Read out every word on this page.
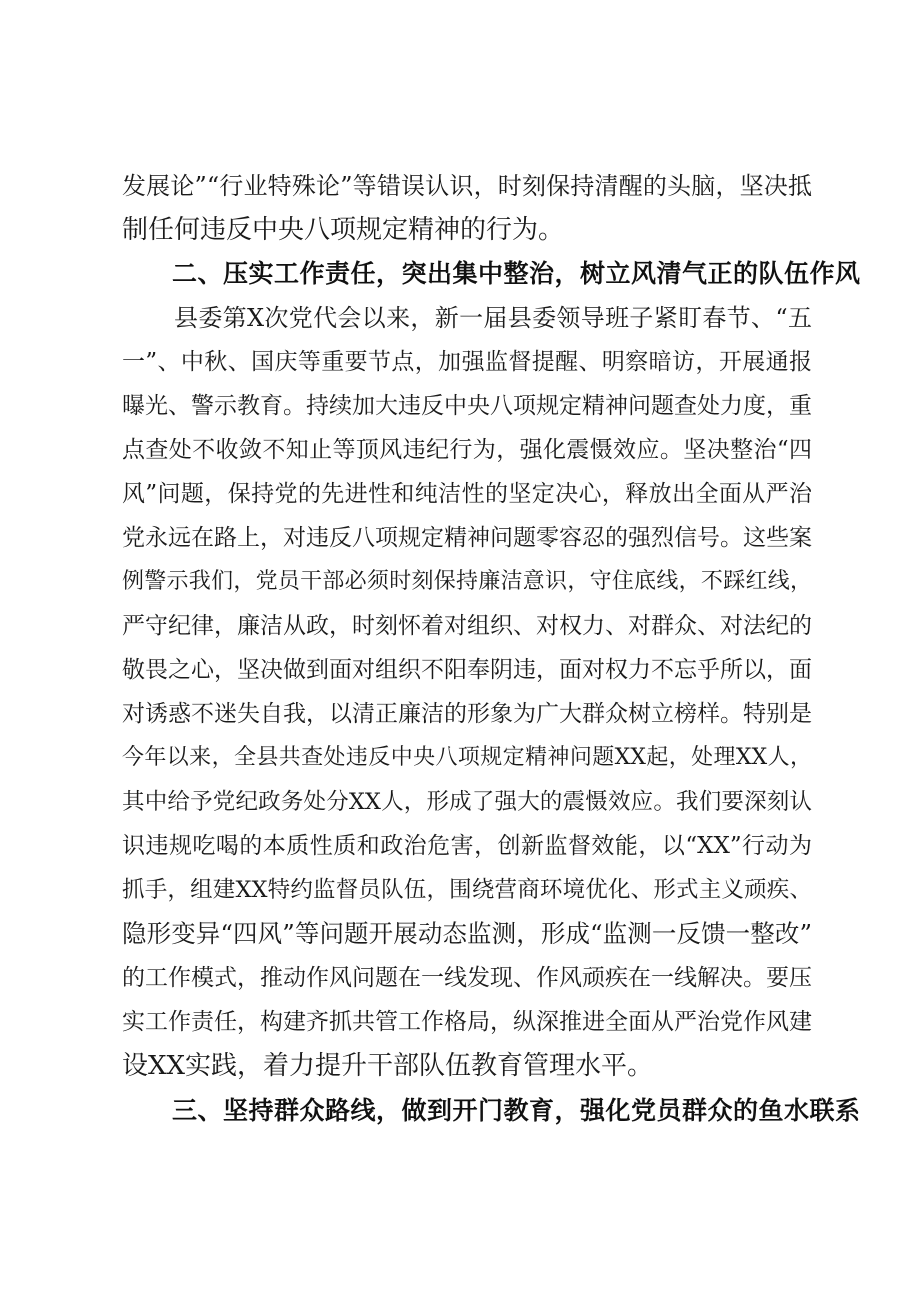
发展论”“行业特殊论”等错误认识，时刻保持清醒的头脑，坚决抵
制任何违反中央八项规定精神的行为。
二、压实工作责任，突出集中整治，树立风清气正的队伍作风
县委第X次党代会以来，新一届县委领导班子紧盯春节、“五
一”、中秋、国庆等重要节点，加强监督提醒、明察暗访，开展通报
曝光、警示教育。持续加大违反中央八项规定精神问题查处力度，重
点查处不收敛不知止等顶风违纪行为，强化震慑效应。坚决整治“四
风”问题，保持党的先进性和纯洁性的坚定决心，释放出全面从严治
党永远在路上，对违反八项规定精神问题零容忍的强烈信号。这些案
例警示我们，党员干部必须时刻保持廉洁意识，守住底线，不踩红线，
严守纪律，廉洁从政，时刻怀着对组织、对权力、对群众、对法纪的
敬畏之心，坚决做到面对组织不阳奉阴违，面对权力不忘乎所以，面
对诱惑不迷失自我，以清正廉洁的形象为广大群众树立榜样。特别是
今年以来，全县共查处违反中央八项规定精神问题XX起，处理XX人，
其中给予党纪政务处分XX人，形成了强大的震慑效应。我们要深刻认
识违规吃喝的本质性质和政治危害，创新监督效能，以“XX”行动为
抓手，组建XX特约监督员队伍，围绕营商环境优化、形式主义顽疾、
隐形变异“四风”等问题开展动态监测，形成“监测一反馈一整改”
的工作模式，推动作风问题在一线发现、作风顽疾在一线解决。要压
实工作责任，构建齐抓共管工作格局，纵深推进全面从严治党作风建
设XX实践，着力提升干部队伍教育管理水平。
三、坚持群众路线，做到开门教育，强化党员群众的鱼水联系
